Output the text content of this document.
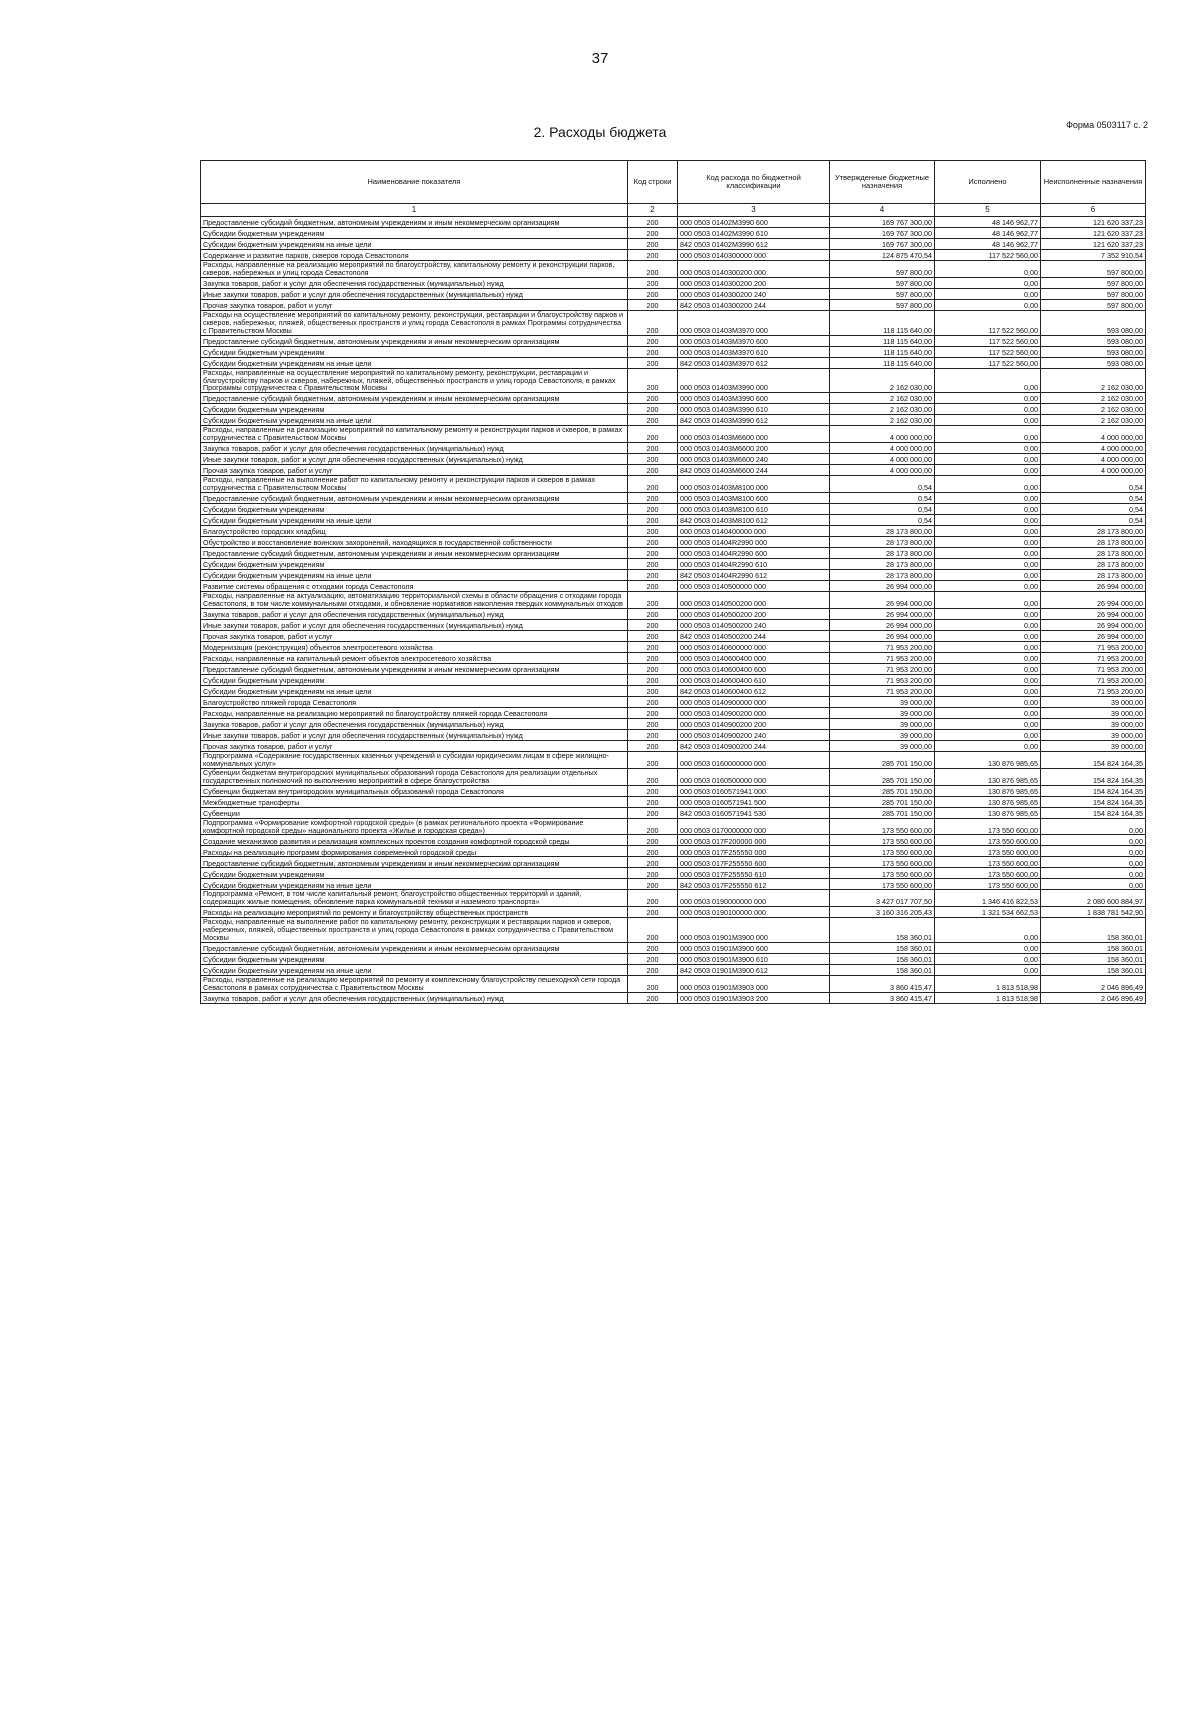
37
Форма 0503117 с. 2
2. Расходы бюджета
Наименование показателя	Код строки	Код расхода по бюджетной классификации	Утвержденные бюджетные назначения	Исполнено	Неисполненные назначения
1	2	3	4	5	6
Предоставление субсидий бюджетным, автономным учреждениям и иным некоммерческим организациям	200	000 0503 01402M3990 600	169 767 300,00	48 146 962,77	121 620 337,23
Субсидии бюджетным учреждениям	200	000 0503 01402M3990 610	169 767 300,00	48 146 962,77	121 620 337,23
Субсидии бюджетным учреждениям на иные цели	200	842 0503 01402M3990 612	169 767 300,00	48 146 962,77	121 620 337,23
Содержание и развитие парков, скверов города Севастополя	200	000 0503 0140300000 000	124 875 470,54	117 522 560,00	7 352 910,54
Расходы, направленные на реализацию мероприятий по благоустройству, капитальному ремонту и реконструкции парков, скверов, набережных и улиц города Севастополя	200	000 0503 0140300200 000	597 800,00	0,00	597 800,00
Закупка товаров, работ и услуг для обеспечения государственных (муниципальных) нужд	200	000 0503 0140300200 200	597 800,00	0,00	597 800,00
Иные закупки товаров, работ и услуг для обеспечения государственных (муниципальных) нужд	200	000 0503 0140300200 240	597 800,00	0,00	597 800,00
Прочая закупка товаров, работ и услуг	200	842 0503 0140300200 244	597 800,00	0,00	597 800,00
Расходы на осуществление мероприятий по капитальному ремонту, реконструкции, реставрации и благоустройству парков и скверов, набережных, пляжей, общественных пространств и улиц города Севастополя в рамках Программы сотрудничества с Правительством Москвы	200	000 0503 01403M3970 000	118 115 640,00	117 522 560,00	593 080,00
Предоставление субсидий бюджетным, автономным учреждениям и иным некоммерческим организациям	200	000 0503 01403M3970 600	118 115 640,00	117 522 560,00	593 080,00
Субсидии бюджетным учреждениям	200	000 0503 01403M3970 610	118 115 640,00	117 522 560,00	593 080,00
Субсидии бюджетным учреждениям на иные цели	200	842 0503 01403M3970 612	118 115 640,00	117 522 560,00	593 080,00
Расходы, направленные на осуществление мероприятий по капитальному ремонту, реконструкции, реставрации и благоустройству парков и скверов, набережных, пляжей, общественных пространств и улиц города Севастополя, в рамках Программы сотрудничества с Правительством Москвы	200	000 0503 01403M3990 000	2 162 030,00	0,00	2 162 030,00
Предоставление субсидий бюджетным, автономным учреждениям и иным некоммерческим организациям	200	000 0503 01403M3990 600	2 162 030,00	0,00	2 162 030,00
Субсидии бюджетным учреждениям	200	000 0503 01403M3990 610	2 162 030,00	0,00	2 162 030,00
Субсидии бюджетным учреждениям на иные цели	200	842 0503 01403M3990 612	2 162 030,00	0,00	2 162 030,00
Расходы, направленные на реализацию мероприятий по капитальному ремонту и реконструкции парков и скверов, в рамках сотрудничества с Правительством Москвы	200	000 0503 01403M6600 000	4 000 000,00	0,00	4 000 000,00
Закупка товаров, работ и услуг для обеспечения государственных (муниципальных) нужд	200	000 0503 01403M6600 200	4 000 000,00	0,00	4 000 000,00
Иные закупки товаров, работ и услуг для обеспечения государственных (муниципальных) нужд	200	000 0503 01403M6600 240	4 000 000,00	0,00	4 000 000,00
Прочая закупка товаров, работ и услуг	200	842 0503 01403M6600 244	4 000 000,00	0,00	4 000 000,00
Расходы, направленные на выполнение работ по капитальному ремонту и реконструкции парков и скверов в рамках сотрудничества с Правительством Москвы	200	000 0503 01403M8100 000	0,54	0,00	0,54
Предоставление субсидий бюджетным, автономным учреждениям и иным некоммерческим организациям	200	000 0503 01403M8100 600	0,54	0,00	0,54
Субсидии бюджетным учреждениям	200	000 0503 01403M8100 610	0,54	0,00	0,54
Субсидии бюджетным учреждениям на иные цели	200	842 0503 01403M8100 612	0,54	0,00	0,54
Благоустройство городских кладбищ	200	000 0503 0140400000 000	28 173 800,00	0,00	28 173 800,00
Обустройство и восстановление воинских захоронений, находящихся в государственной собственности	200	000 0503 01404R2990 000	28 173 800,00	0,00	28 173 800,00
Предоставление субсидий бюджетным, автономным учреждениям и иным некоммерческим организациям	200	000 0503 01404R2990 600	28 173 800,00	0,00	28 173 800,00
Субсидии бюджетным учреждениям	200	000 0503 01404R2990 610	28 173 800,00	0,00	28 173 800,00
Субсидии бюджетным учреждениям на иные цели	200	842 0503 01404R2990 612	28 173 800,00	0,00	28 173 800,00
Развитие системы обращения с отходами города Севастополя	200	000 0503 0140500000 000	26 994 000,00	0,00	26 994 000,00
Расходы, направленные на актуализацию, автоматизацию территориальной схемы в области обращения с отходами города Севастополя, в том числе коммунальными отходами, и обновление нормативов накопления твердых коммунальных отходов	200	000 0503 0140500200 000	26 994 000,00	0,00	26 994 000,00
Закупка товаров, работ и услуг для обеспечения государственных (муниципальных) нужд	200	000 0503 0140500200 200	26 994 000,00	0,00	26 994 000,00
Иные закупки товаров, работ и услуг для обеспечения государственных (муниципальных) нужд	200	000 0503 0140500200 240	26 994 000,00	0,00	26 994 000,00
Прочая закупка товаров, работ и услуг	200	842 0503 0140500200 244	26 994 000,00	0,00	26 994 000,00
Модернизация (реконструкция) объектов электросетевого хозяйства	200	000 0503 0140600000 000	71 953 200,00	0,00	71 953 200,00
Расходы, направленные на капитальный ремонт объектов электросетевого хозяйства	200	000 0503 0140600400 000	71 953 200,00	0,00	71 953 200,00
Предоставление субсидий бюджетным, автономным учреждениям и иным некоммерческим организациям	200	000 0503 0140600400 600	71 953 200,00	0,00	71 953 200,00
Субсидии бюджетным учреждениям	200	000 0503 0140600400 610	71 953 200,00	0,00	71 953 200,00
Субсидии бюджетным учреждениям на иные цели	200	842 0503 0140600400 612	71 953 200,00	0,00	71 953 200,00
Благоустройство пляжей города Севастополя	200	000 0503 0140900000 000	39 000,00	0,00	39 000,00
Расходы, направленные на реализацию мероприятий по благоустройству пляжей города Севастополя	200	000 0503 0140900200 000	39 000,00	0,00	39 000,00
Закупка товаров, работ и услуг для обеспечения государственных (муниципальных) нужд	200	000 0503 0140900200 200	39 000,00	0,00	39 000,00
Иные закупки товаров, работ и услуг для обеспечения государственных (муниципальных) нужд	200	000 0503 0140900200 240	39 000,00	0,00	39 000,00
Прочая закупка товаров, работ и услуг	200	842 0503 0140900200 244	39 000,00	0,00	39 000,00
Подпрограмма «Содержание государственных казенных учреждений и субсидии юридическим лицам в сфере жилищно-коммунальных услуг»	200	000 0503 0160000000 000	285 701 150,00	130 876 985,65	154 824 164,35
Субвенции бюджетам внутригородских муниципальных образований города Севастополя для реализации отдельных государственных полномочий по выполнению мероприятий в сфере благоустройства	200	000 0503 0160500000 000	285 701 150,00	130 876 985,65	154 824 164,35
Субвенции бюджетам внутригородских муниципальных образований города Севастополя	200	000 0503 0160571941 000	285 701 150,00	130 876 985,65	154 824 164,35
Межбюджетные трансферты	200	000 0503 0160571941 500	285 701 150,00	130 876 985,65	154 824 164,35
Субвенции	200	842 0503 0160571941 530	285 701 150,00	130 876 985,65	154 824 164,35
Подпрограмма «Формирование комфортной городской среды» (в рамках регионального проекта «Формирование комфортной городской среды» национального проекта «Жилье и городская среда»)	200	000 0503 0170000000 000	173 550 600,00	173 550 600,00	0,00
Создание механизмов развития и реализация комплексных проектов создания комфортной городской среды	200	000 0503 017F200000 000	173 550 600,00	173 550 600,00	0,00
Расходы на реализацию программ формирования современной городской среды	200	000 0503 017F255550 000	173 550 600,00	173 550 600,00	0,00
Предоставление субсидий бюджетным, автономным учреждениям и иным некоммерческим организациям	200	000 0503 017F255550 600	173 550 600,00	173 550 600,00	0,00
Субсидии бюджетным учреждениям	200	000 0503 017F255550 610	173 550 600,00	173 550 600,00	0,00
Субсидии бюджетным учреждениям на иные цели	200	842 0503 017F255550 612	173 550 600,00	173 550 600,00	0,00
Подпрограмма «Ремонт, в том числе капитальный ремонт, благоустройство общественных территорий и зданий, содержащих жилые помещения, обновление парка коммунальной техники и наземного транспорта»	200	000 0503 0190000000 000	3 427 017 707,50	1 346 416 822,53	2 080 600 884,97
Расходы на реализацию мероприятий по ремонту и благоустройству общественных пространств	200	000 0503 0190100000 000	3 160 316 205,43	1 321 534 662,53	1 838 781 542,90
Расходы, направленные на выполнение работ по капитальному ремонту, реконструкции и реставрации парков и скверов, набережных, пляжей, общественных пространств и улиц города Севастополя в рамках сотрудничества с Правительством Москвы	200	000 0503 01901M3900 000	158 360,01	0,00	158 360,01
Предоставление субсидий бюджетным, автономным учреждениям и иным некоммерческим организациям	200	000 0503 01901M3900 600	158 360,01	0,00	158 360,01
Субсидии бюджетным учреждениям	200	000 0503 01901M3900 610	158 360,01	0,00	158 360,01
Субсидии бюджетным учреждениям на иные цели	200	842 0503 01901M3900 612	158 360,01	0,00	158 360,01
Расходы, направленные на реализацию мероприятий по ремонту и комплексному благоустройству пешеходной сети города Севастополя в рамках сотрудничества с Правительством Москвы	200	000 0503 01901M3903 000	3 860 415,47	1 813 518,98	2 046 896,49
Закупка товаров, работ и услуг для обеспечения государственных (муниципальных) нужд	200	000 0503 01901M3903 200	3 860 415,47	1 813 518,98	2 046 896,49
